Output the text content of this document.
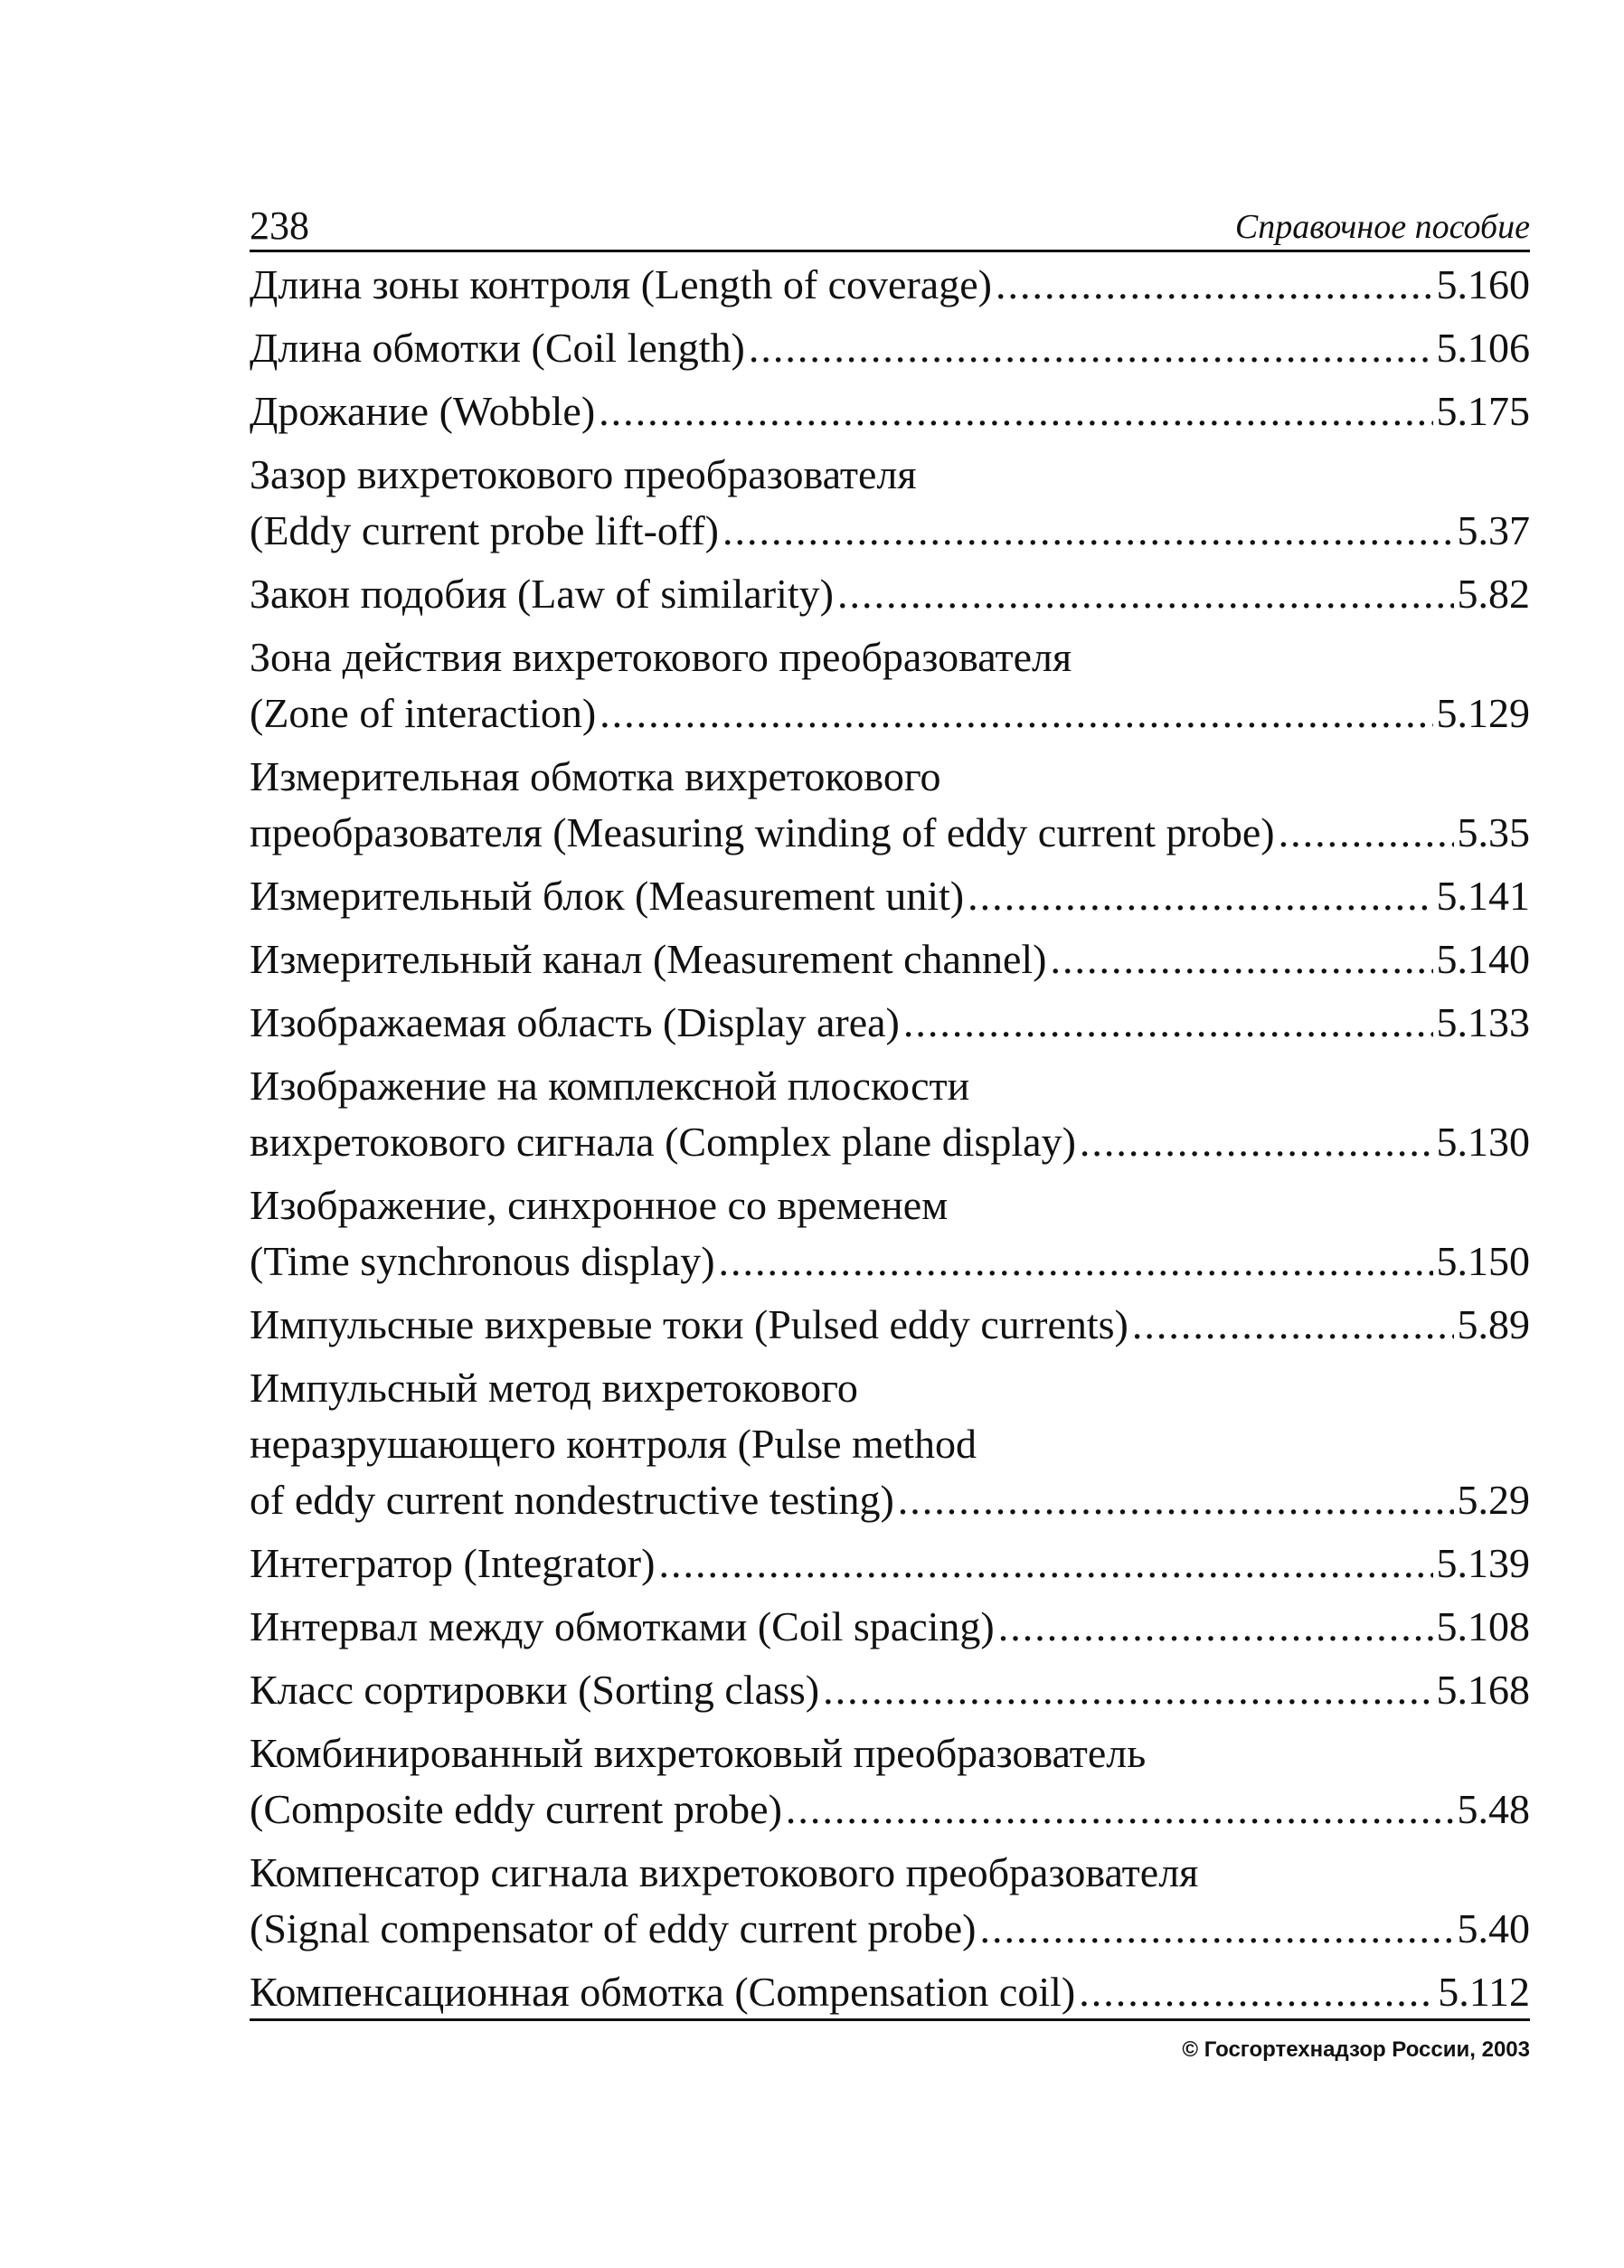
238	Справочное пособие
Длина зоны контроля (Length of coverage) .....	5.160
Длина обмотки (Coil length) .....	5.106
Дрожание (Wobble) .....	5.175
Зазор вихретокового преобразователя
(Eddy current probe lift-off) .....	5.37
Закон подобия (Law of similarity) .....	5.82
Зона действия вихретокового преобразователя
(Zone of interaction) .....	5.129
Измерительная обмотка вихретокового
преобразователя (Measuring winding of eddy current probe) .....	5.35
Измерительный блок (Measurement unit) .....	5.141
Измерительный канал (Measurement channel) .....	5.140
Изображаемая область (Display area) .....	5.133
Изображение на комплексной плоскости
вихретокового сигнала (Complex plane display) .....	5.130
Изображение, синхронное со временем
(Time synchronous display) .....	5.150
Импульсные вихревые токи (Pulsed eddy currents) .....	5.89
Импульсный метод вихретокового
неразрушающего контроля (Pulse method
of eddy current nondestructive testing) .....	5.29
Интегратор (Integrator) .....	5.139
Интервал между обмотками (Coil spacing) .....	5.108
Класс сортировки (Sorting class) .....	5.168
Комбинированный вихретоковый преобразователь
(Composite eddy current probe) .....	5.48
Компенсатор сигнала вихретокового преобразователя
(Signal compensator of eddy current probe) .....	5.40
Компенсационная обмотка (Compensation coil) .....	5.112
© Госгортехнадзор России, 2003
